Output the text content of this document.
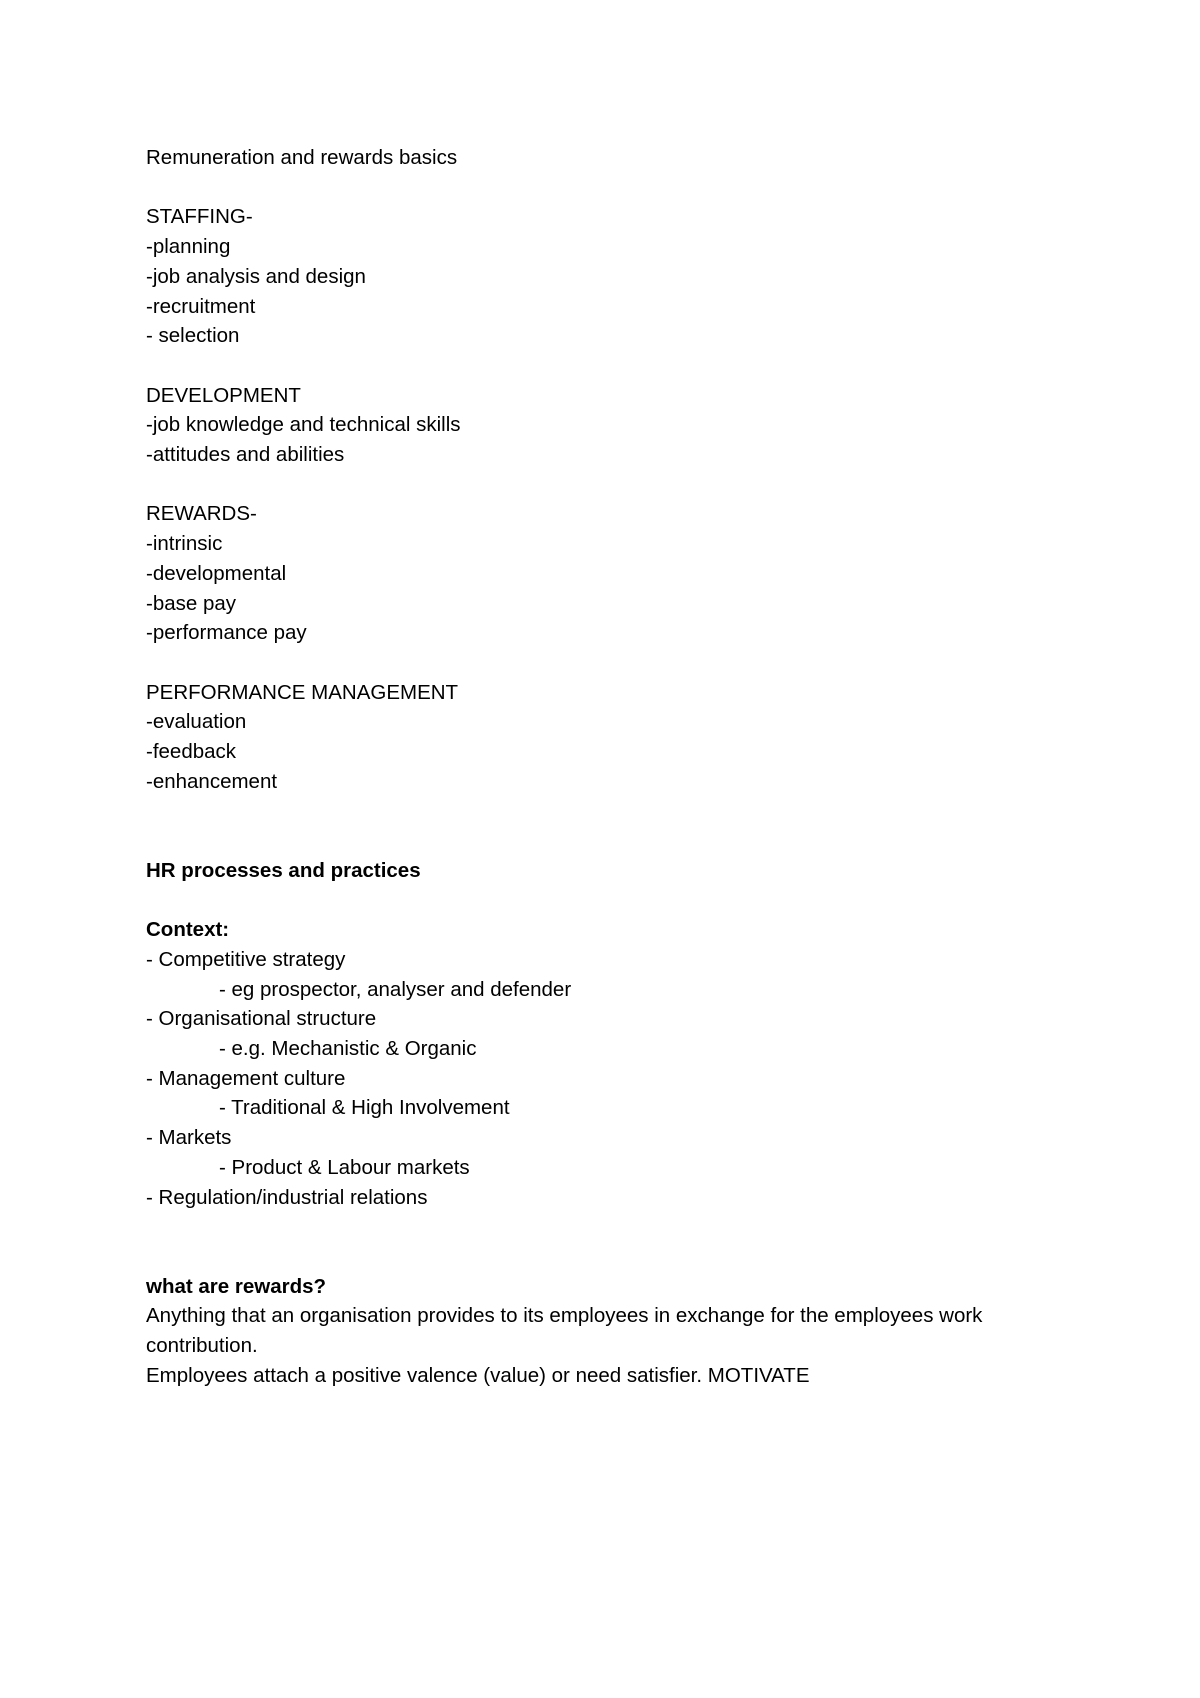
Remuneration and rewards basics
STAFFING-
-planning
-job analysis and design
-recruitment
- selection
DEVELOPMENT
-job knowledge and technical skills
-attitudes and abilities
REWARDS-
-intrinsic
-developmental
-base pay
-performance pay
PERFORMANCE MANAGEMENT
-evaluation
-feedback
-enhancement
HR processes and practices
Context:
- Competitive strategy
- eg prospector, analyser and defender
- Organisational structure
- e.g. Mechanistic & Organic
- Management culture
- Traditional & High Involvement
- Markets
- Product & Labour markets
- Regulation/industrial relations
what are rewards?
Anything that an organisation provides to its employees in exchange for the employees work contribution.
Employees attach a positive valence (value) or need satisfier. MOTIVATE
